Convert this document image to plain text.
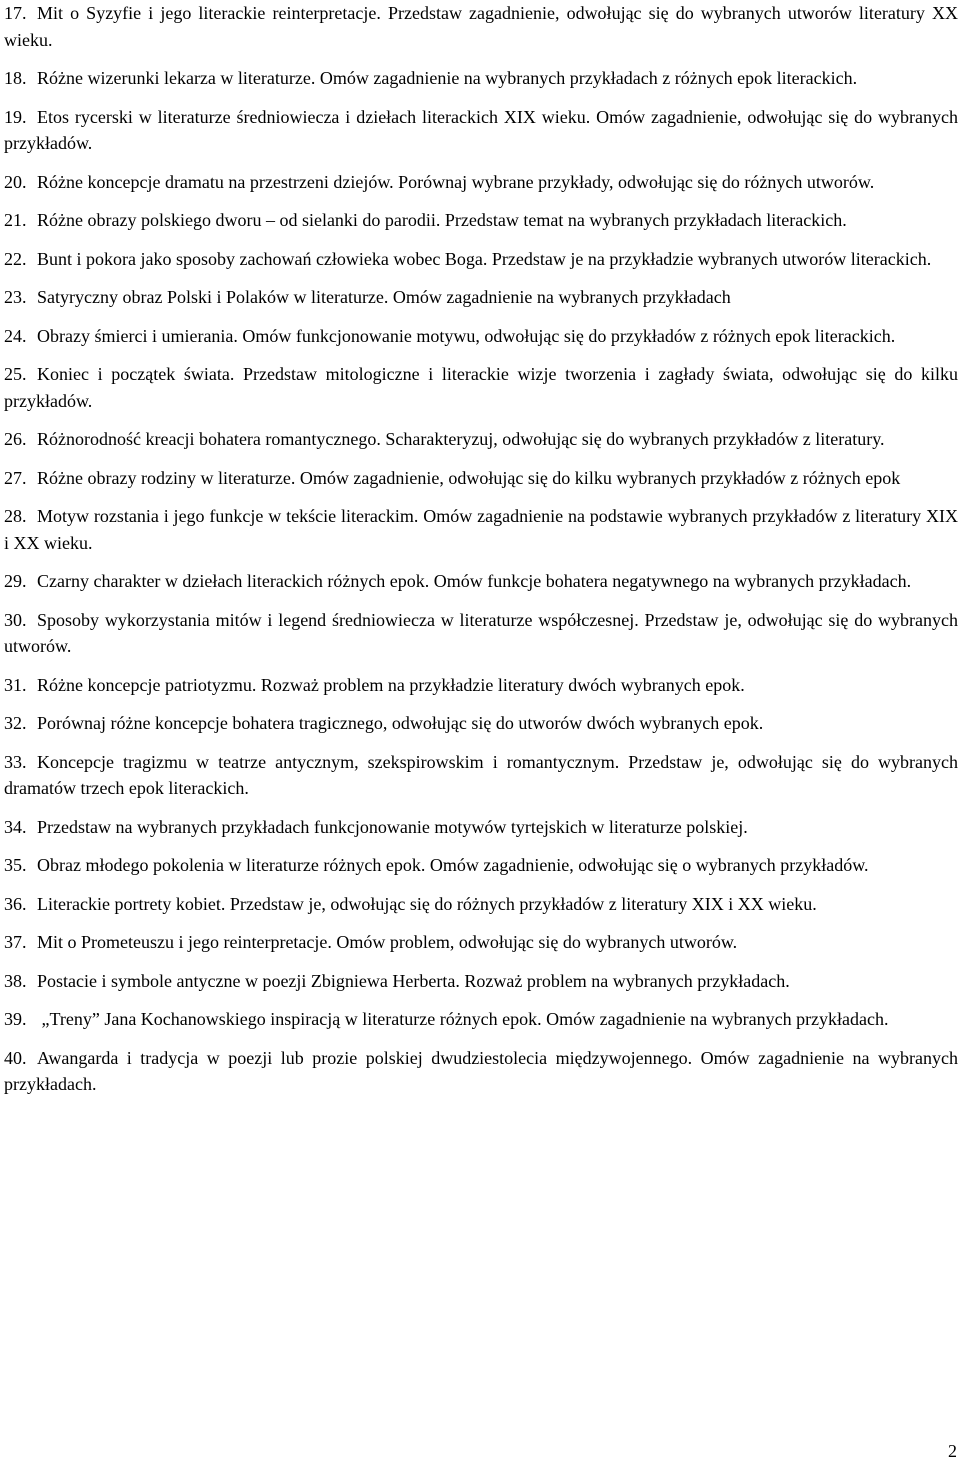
17. Mit o Syzyfie i jego literackie reinterpretacje. Przedstaw zagadnienie, odwołując się do wybranych utworów literatury XX wieku.

18. Różne wizerunki lekarza w literaturze. Omów zagadnienie na wybranych przykładach z różnych epok literackich.

19. Etos rycerski w literaturze średniowiecza i dziełach literackich XIX wieku. Omów zagadnienie, odwołując się do wybranych przykładów.

20. Różne koncepcje dramatu na przestrzeni dziejów. Porównaj wybrane przykłady, odwołując się do różnych utworów.

21. Różne obrazy polskiego dworu – od sielanki do parodii. Przedstaw temat na wybranych przykładach literackich.

22. Bunt i pokora jako sposoby zachowań człowieka wobec Boga. Przedstaw je na przykładzie wybranych utworów literackich.

23. Satyryczny obraz Polski i Polaków w literaturze. Omów zagadnienie na wybranych przykładach

24. Obrazy śmierci i umierania. Omów funkcjonowanie motywu, odwołując się do przykładów z różnych epok literackich.

25. Koniec i początek świata. Przedstaw mitologiczne i literackie wizje tworzenia i zagłady świata, odwołując się do kilku przykładów.

26. Różnorodność kreacji bohatera romantycznego. Scharakteryzuj, odwołując się do wybranych przykładów z literatury.

27. Różne obrazy rodziny w literaturze. Omów zagadnienie, odwołując się do kilku wybranych przykładów z różnych epok

28. Motyw rozstania i jego funkcje w tekście literackim. Omów zagadnienie na podstawie wybranych przykładów z literatury XIX i XX wieku.

29. Czarny charakter w dziełach literackich różnych epok. Omów funkcje bohatera negatywnego na wybranych przykładach.

30. Sposoby wykorzystania mitów i legend średniowiecza w literaturze współczesnej. Przedstaw je, odwołując się do wybranych utworów.

31. Różne koncepcje patriotyzmu. Rozważ problem na przykładzie literatury dwóch wybranych epok.

32. Porównaj różne koncepcje bohatera tragicznego, odwołując się do utworów dwóch wybranych epok.

33. Koncepcje tragizmu w teatrze antycznym, szekspirowskim i romantycznym. Przedstaw je, odwołując się do wybranych dramatów trzech epok literackich.

34. Przedstaw na wybranych przykładach funkcjonowanie motywów tyrtejskich w literaturze polskiej.

35. Obraz młodego pokolenia w literaturze różnych epok. Omów zagadnienie, odwołując się o wybranych przykładów.

36. Literackie portrety kobiet. Przedstaw je, odwołując się do różnych przykładów z literatury XIX i XX wieku.

37. Mit o Prometeuszu i jego reinterpretacje. Omów problem, odwołując się do wybranych utworów.

38. Postacie i symbole antyczne w poezji Zbigniewa Herberta. Rozważ problem na wybranych przykładach.

39. „Treny” Jana Kochanowskiego inspiracją w literaturze różnych epok. Omów zagadnienie na wybranych przykładach.

40. Awangarda i tradycja w poezji lub prozie polskiej dwudziestolecia międzywojennego. Omów zagadnienie na wybranych przykładach.

2
